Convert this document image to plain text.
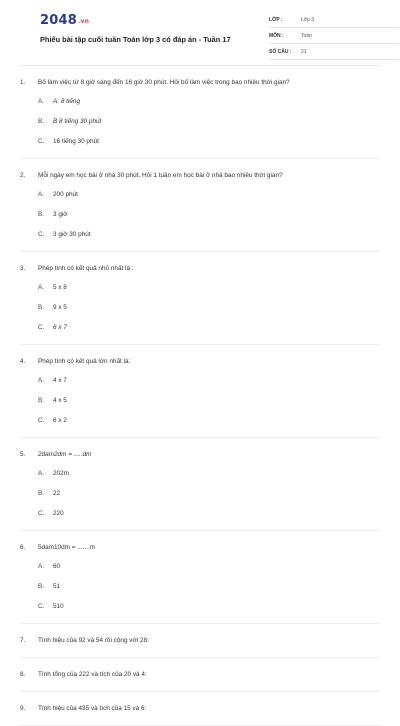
2048.vn
Phiếu bài tập cuối tuần Toán lớp 3 có đáp án - Tuần 17
LỚP :	Lớp 3
MÔN :	Toán
SỐ CÂU :	21
1.	Bố làm việc từ 8 giờ sáng đến 16 giờ 30 phút. Hỏi bố làm việc trong bao nhiêu thời gian?
A.	A. 8 tiếng
B.	B 8 tiếng 30 phút
C.	16 tiếng 30 phút
2.	Mỗi ngày em học bài ở nhà 30 phút. Hỏi 1 tuần em học bài ở nhà bao nhiêu thời gian?
A.	200 phút
B.	3 giờ
C.	3 giờ 30 phút
3.	Phép tính có kết quả nhỏ nhất là :
A.	5 x 8
B.	9 x 5
C.	6 x 7
4.	Phép tính có kết quả lớn nhất là:
A.	4 x 7
B.	4 x 5
C.	6 x 2
5.	2dam2dm = .....dm
A.	202m
B.	22
C.	220
6.	5dam10dm = .......m
A.	60
B.	51
C.	510
7.	Tính hiệu của 92 và 54 rồi cộng với 28:
8.	Tính tổng của 222 và tích của 20 và 4:
9.	Tính hiệu của 435 và tích của 15 và 6:
